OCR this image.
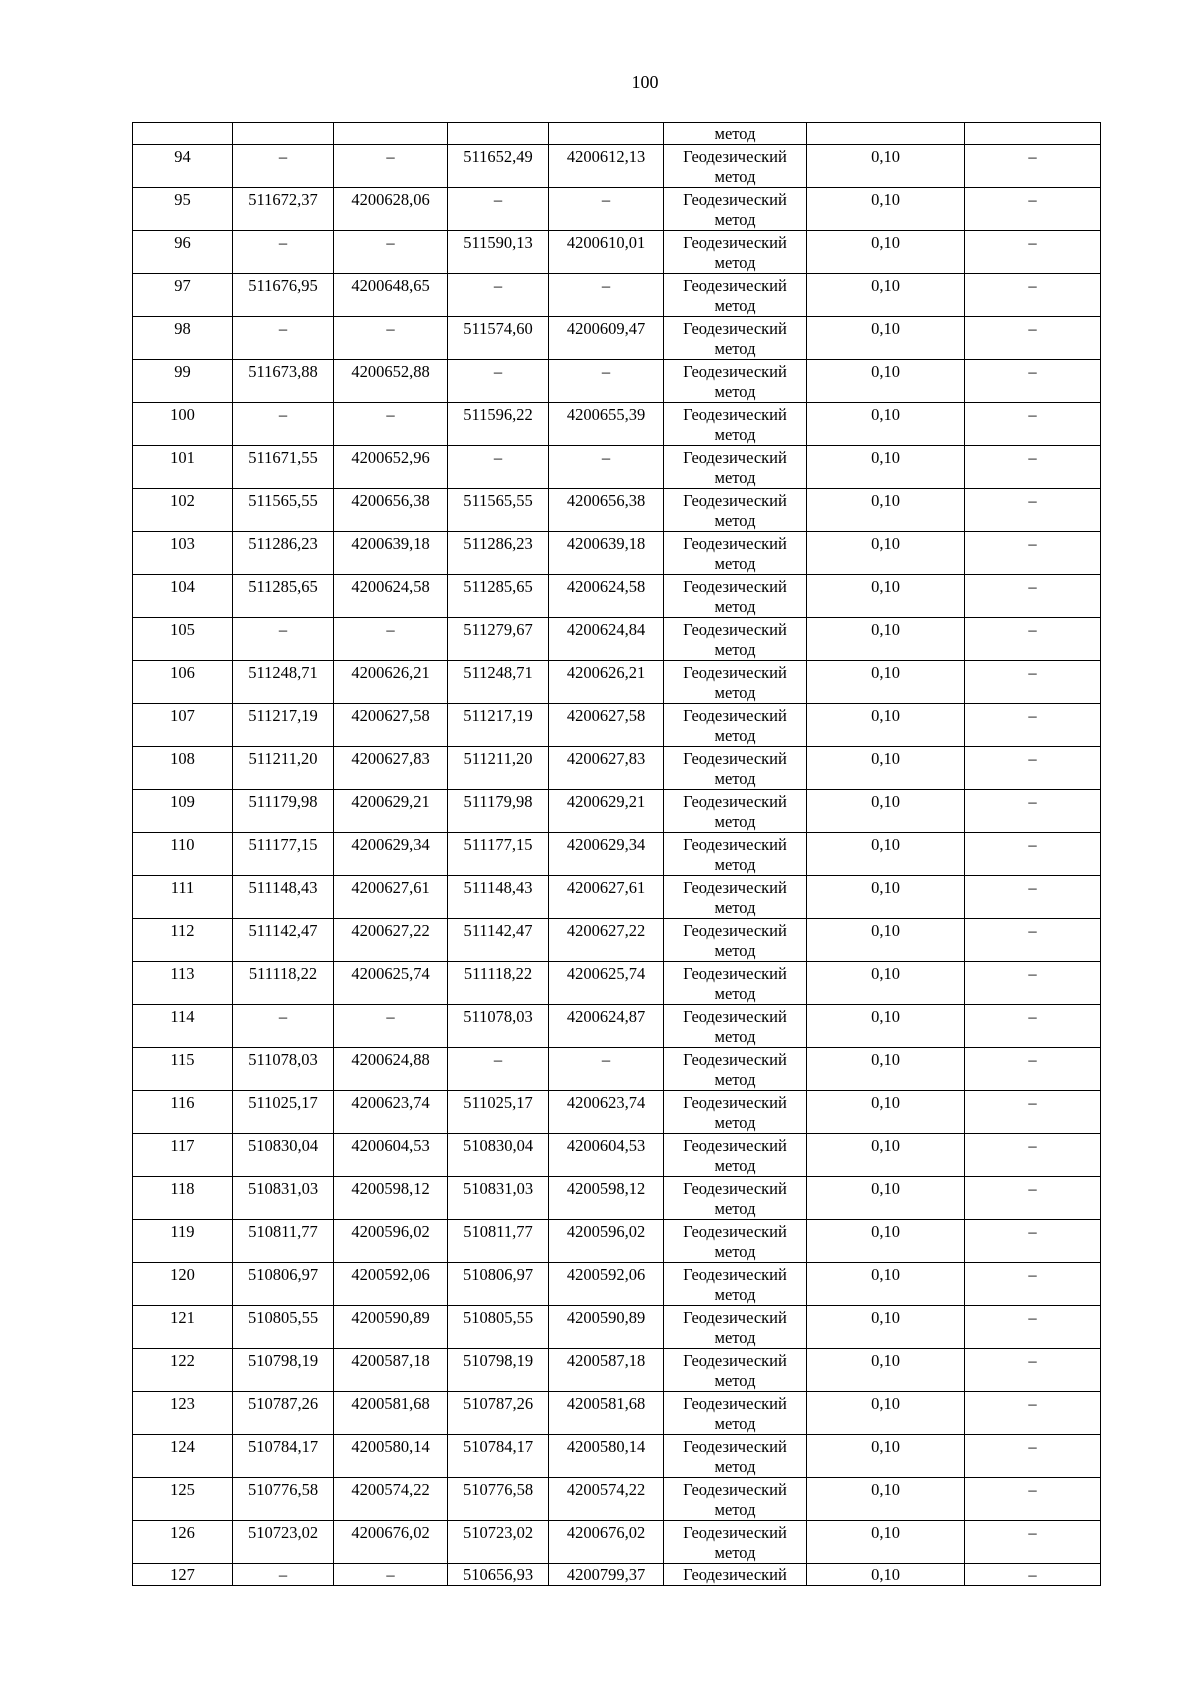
100
					метод		
94	–	–	511652,49	4200612,13	Геодезический
метод	0,10	–
95	511672,37	4200628,06	–	–	Геодезический
метод	0,10	–
96	–	–	511590,13	4200610,01	Геодезический
метод	0,10	–
97	511676,95	4200648,65	–	–	Геодезический
метод	0,10	–
98	–	–	511574,60	4200609,47	Геодезический
метод	0,10	–
99	511673,88	4200652,88	–	–	Геодезический
метод	0,10	–
100	–	–	511596,22	4200655,39	Геодезический
метод	0,10	–
101	511671,55	4200652,96	–	–	Геодезический
метод	0,10	–
102	511565,55	4200656,38	511565,55	4200656,38	Геодезический
метод	0,10	–
103	511286,23	4200639,18	511286,23	4200639,18	Геодезический
метод	0,10	–
104	511285,65	4200624,58	511285,65	4200624,58	Геодезический
метод	0,10	–
105	–	–	511279,67	4200624,84	Геодезический
метод	0,10	–
106	511248,71	4200626,21	511248,71	4200626,21	Геодезический
метод	0,10	–
107	511217,19	4200627,58	511217,19	4200627,58	Геодезический
метод	0,10	–
108	511211,20	4200627,83	511211,20	4200627,83	Геодезический
метод	0,10	–
109	511179,98	4200629,21	511179,98	4200629,21	Геодезический
метод	0,10	–
110	511177,15	4200629,34	511177,15	4200629,34	Геодезический
метод	0,10	–
111	511148,43	4200627,61	511148,43	4200627,61	Геодезический
метод	0,10	–
112	511142,47	4200627,22	511142,47	4200627,22	Геодезический
метод	0,10	–
113	511118,22	4200625,74	511118,22	4200625,74	Геодезический
метод	0,10	–
114	–	–	511078,03	4200624,87	Геодезический
метод	0,10	–
115	511078,03	4200624,88	–	–	Геодезический
метод	0,10	–
116	511025,17	4200623,74	511025,17	4200623,74	Геодезический
метод	0,10	–
117	510830,04	4200604,53	510830,04	4200604,53	Геодезический
метод	0,10	–
118	510831,03	4200598,12	510831,03	4200598,12	Геодезический
метод	0,10	–
119	510811,77	4200596,02	510811,77	4200596,02	Геодезический
метод	0,10	–
120	510806,97	4200592,06	510806,97	4200592,06	Геодезический
метод	0,10	–
121	510805,55	4200590,89	510805,55	4200590,89	Геодезический
метод	0,10	–
122	510798,19	4200587,18	510798,19	4200587,18	Геодезический
метод	0,10	–
123	510787,26	4200581,68	510787,26	4200581,68	Геодезический
метод	0,10	–
124	510784,17	4200580,14	510784,17	4200580,14	Геодезический
метод	0,10	–
125	510776,58	4200574,22	510776,58	4200574,22	Геодезический
метод	0,10	–
126	510723,02	4200676,02	510723,02	4200676,02	Геодезический
метод	0,10	–
127	–	–	510656,93	4200799,37	Геодезический	0,10	–
